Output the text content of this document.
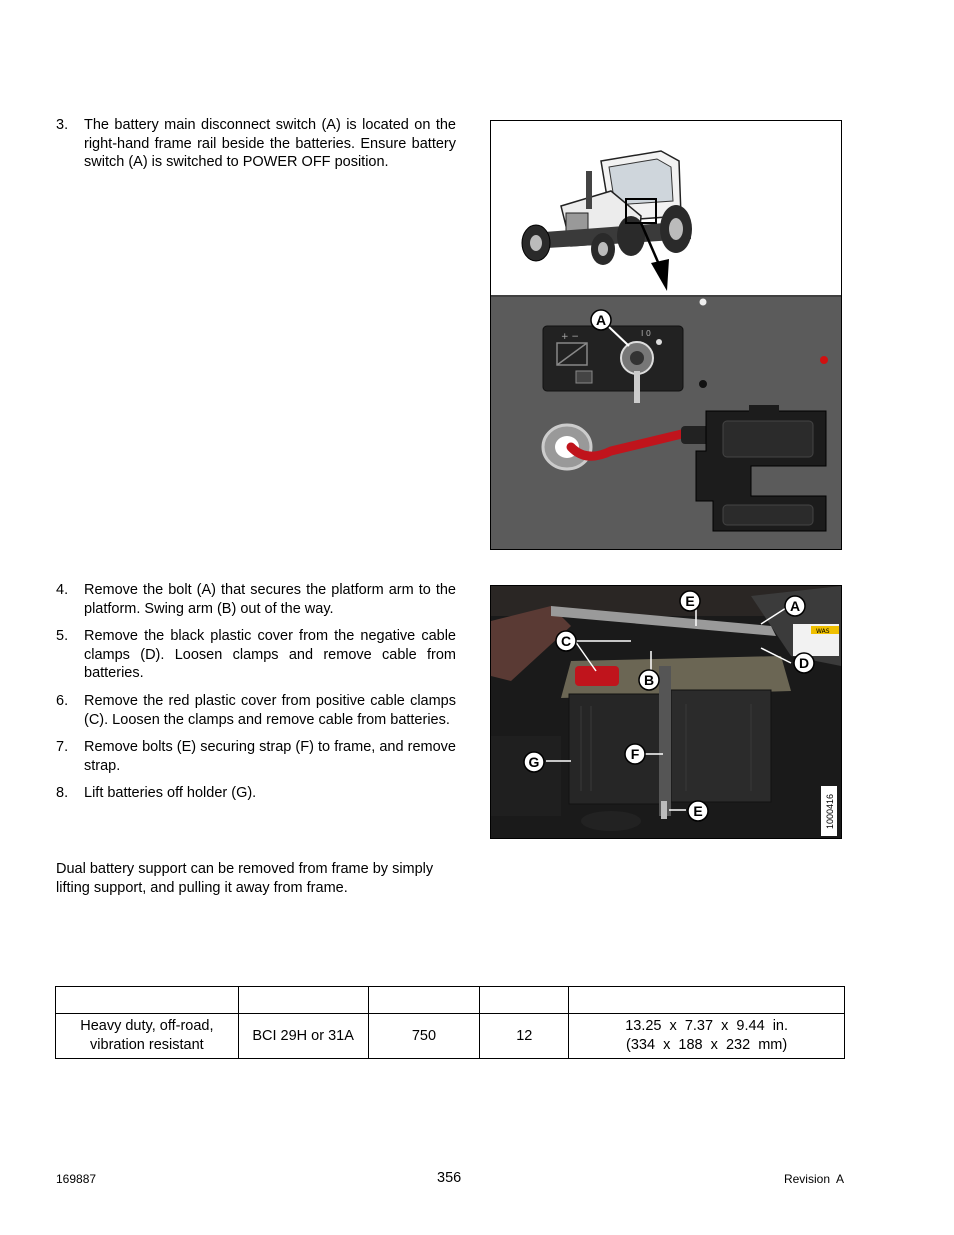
3. The battery main disconnect switch (A) is located on the right-hand frame rail beside the batteries. Ensure battery switch (A) is switched to POWER OFF position.
+ −	I 0
A
4. Remove the bolt (A) that secures the platform arm to the platform. Swing arm (B) out of the way.
5. Remove the black plastic cover from the negative cable clamps (D). Loosen clamps and remove cable from batteries.
6. Remove the red plastic cover from positive cable clamps (C). Loosen the clamps and remove cable from batteries.
7. Remove bolts (E) securing strap (F) to frame, and remove strap.
8. Lift batteries off holder (G).
WAS
E	A
C
D
B
F
G
E	1000416
Dual battery support can be removed from frame by simply lifting support, and pulling it away from frame.

Heavy duty, off-road, vibration resistant	BCI 29H or 31A	750	12	13.25  x  7.37  x  9.44  in.
(334  x  188  x  232  mm)
169887	356	Revision  A
